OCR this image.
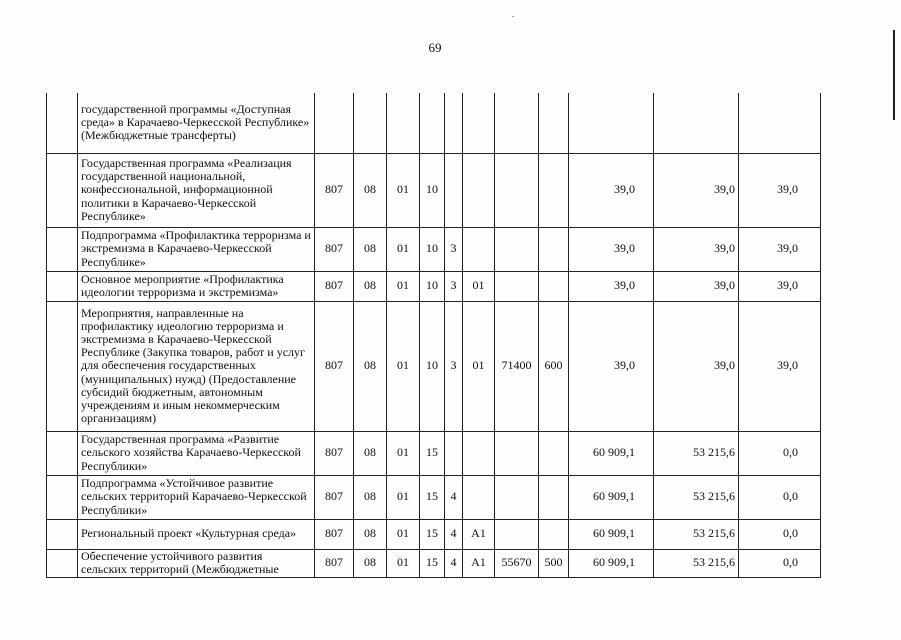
69
	государственной программы «Доступная среда» в Карачаево-Черкесской Республике» (Межбюджетные трансферты)											
	Государственная программа «Реализация государственной национальной, конфессиональной, информационной политики в Карачаево-Черкесской Республике»	807	08	01	10					39,0	39,0	39,0
	Подпрограмма «Профилактика терроризма и экстремизма в Карачаево-Черкесской Республике»	807	08	01	10	3				39,0	39,0	39,0
	Основное мероприятие «Профилактика идеологии терроризма и экстремизма»	807	08	01	10	3	01			39,0	39,0	39,0
	Мероприятия, направленные на профилактику идеологию терроризма и экстремизма в Карачаево-Черкесской Республике (Закупка товаров, работ и услуг для обеспечения государственных (муниципальных) нужд) (Предоставление субсидий бюджетным, автономным учреждениям и иным некоммерческим организациям)	807	08	01	10	3	01	71400	600	39,0	39,0	39,0
	Государственная программа «Развитие сельского хозяйства Карачаево-Черкесской Республики»	807	08	01	15					60 909,1	53 215,6	0,0
	Подпрограмма «Устойчивое развитие сельских территорий Карачаево-Черкесской Республики»	807	08	01	15	4				60 909,1	53 215,6	0,0
	Региональный проект «Культурная среда»	807	08	01	15	4	А1			60 909,1	53 215,6	0,0
	Обеспечение устойчивого развития сельских территорий (Межбюджетные	807	08	01	15	4	А1	55670	500	60 909,1	53 215,6	0,0
